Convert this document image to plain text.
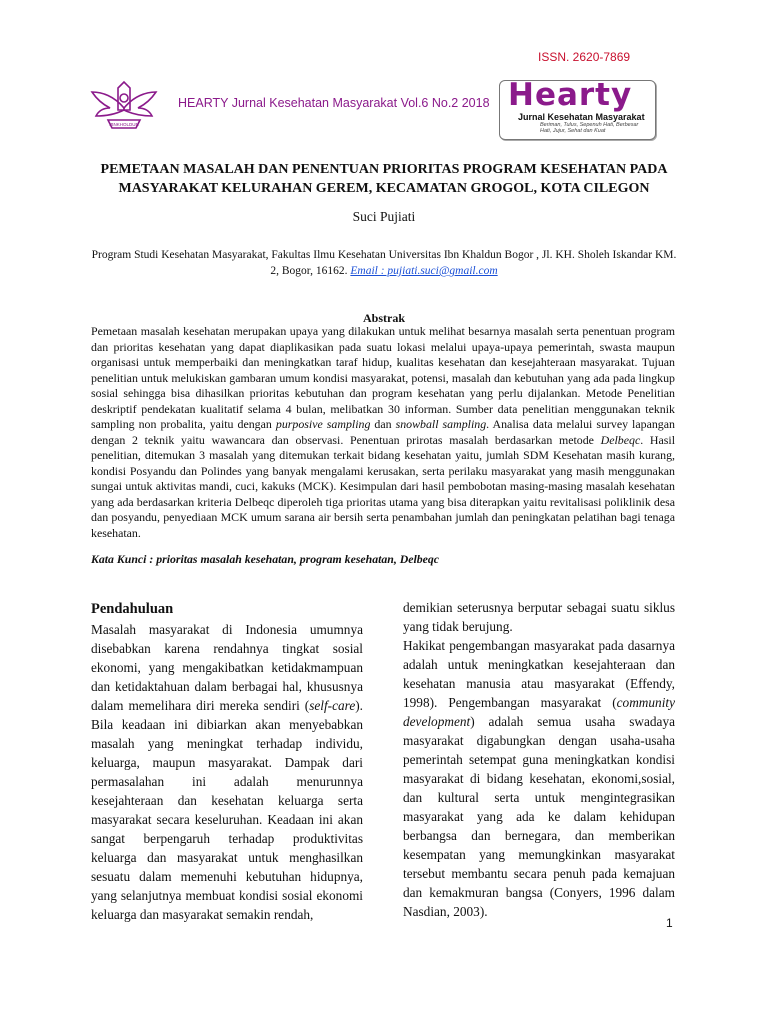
ISSN. 2620-7869
IBNKHOLDUN
HEARTY Jurnal Kesehatan Masyarakat Vol.6 No.2 2018 Hearty
Jurnal Kesehatan Masyarakat
Beriman, Tulus, Sepenuh Hati, Berbesar Hati, Jujur, Sehat dan Kuat
PEMETAAN MASALAH DAN PENENTUAN PRIORITAS PROGRAM KESEHATAN PADA
MASYARAKAT KELURAHAN GEREM, KECAMATAN GROGOL, KOTA CILEGON
Suci Pujiati
Program Studi Kesehatan Masyarakat, Fakultas Ilmu Kesehatan Universitas Ibn Khaldun Bogor , Jl. KH. Sholeh Iskandar KM. 2, Bogor, 16162. Email : pujiati.suci@gmail.com
Abstrak
Pemetaan masalah kesehatan merupakan upaya yang dilakukan untuk melihat besarnya masalah serta penentuan program dan prioritas kesehatan yang dapat diaplikasikan pada suatu lokasi melalui upaya-upaya pemerintah, swasta maupun organisasi untuk memperbaiki dan meningkatkan taraf hidup, kualitas kesehatan dan kesejahteraan masyarakat. Tujuan penelitian untuk melukiskan gambaran umum kondisi masyarakat, potensi, masalah dan kebutuhan yang ada pada lingkup sosial sehingga bisa dihasilkan prioritas kebutuhan dan program kesehatan yang perlu dijalankan. Metode Penelitian deskriptif pendekatan kualitatif selama 4 bulan, melibatkan 30 informan. Sumber data penelitian menggunakan teknik sampling non probalita, yaitu dengan purposive sampling dan snowball sampling. Analisa data melalui survey lapangan dengan 2 teknik yaitu wawancara dan observasi. Penentuan prirotas masalah berdasarkan metode Delbeqc. Hasil penelitian, ditemukan 3 masalah yang ditemukan terkait bidang kesehatan yaitu, jumlah SDM Kesehatan masih kurang, kondisi Posyandu dan Polindes yang banyak mengalami kerusakan, serta perilaku masyarakat yang masih menggunakan sungai untuk aktivitas mandi, cuci, kakuks (MCK). Kesimpulan dari hasil pembobotan masing-masing masalah kesehatan yang ada berdasarkan kriteria Delbeqc diperoleh tiga prioritas utama yang bisa diterapkan yaitu revitalisasi poliklinik desa dan posyandu, penyediaan MCK umum sarana air bersih serta penambahan jumlah dan peningkatan pelatihan bagi tenaga kesehatan.
Kata Kunci : prioritas masalah kesehatan, program kesehatan, Delbeqc
Pendahuluan

Masalah masyarakat di Indonesia umumnya disebabkan karena rendahnya tingkat sosial ekonomi, yang mengakibatkan ketidakmampuan dan ketidaktahuan dalam berbagai hal, khususnya dalam memelihara diri mereka sendiri (self-care). Bila keadaan ini dibiarkan akan menyebabkan masalah yang meningkat terhadap individu, keluarga, maupun masyarakat. Dampak dari permasalahan ini adalah menurunnya kesejahteraan dan kesehatan keluarga serta masyarakat secara keseluruhan. Keadaan ini akan sangat berpengaruh terhadap produktivitas keluarga dan masyarakat untuk menghasilkan sesuatu dalam memenuhi kebutuhan hidupnya, yang selanjutnya membuat kondisi sosial ekonomi keluarga dan masyarakat semakin rendah,

demikian seterusnya berputar sebagai suatu siklus yang tidak berujung.

Hakikat pengembangan masyarakat pada dasarnya adalah untuk meningkatkan kesejahteraan dan kesehatan manusia atau masyarakat (Effendy, 1998). Pengembangan masyarakat (community development) adalah semua usaha swadaya masyarakat digabungkan dengan usaha-usaha pemerintah setempat guna meningkatkan kondisi masyarakat di bidang kesehatan, ekonomi,sosial, dan kultural serta untuk mengintegrasikan masyarakat yang ada ke dalam kehidupan berbangsa dan bernegara, dan memberikan kesempatan yang memungkinkan masyarakat tersebut membantu secara penuh pada kemajuan dan kemakmuran bangsa (Conyers, 1996 dalam Nasdian, 2003).

1
